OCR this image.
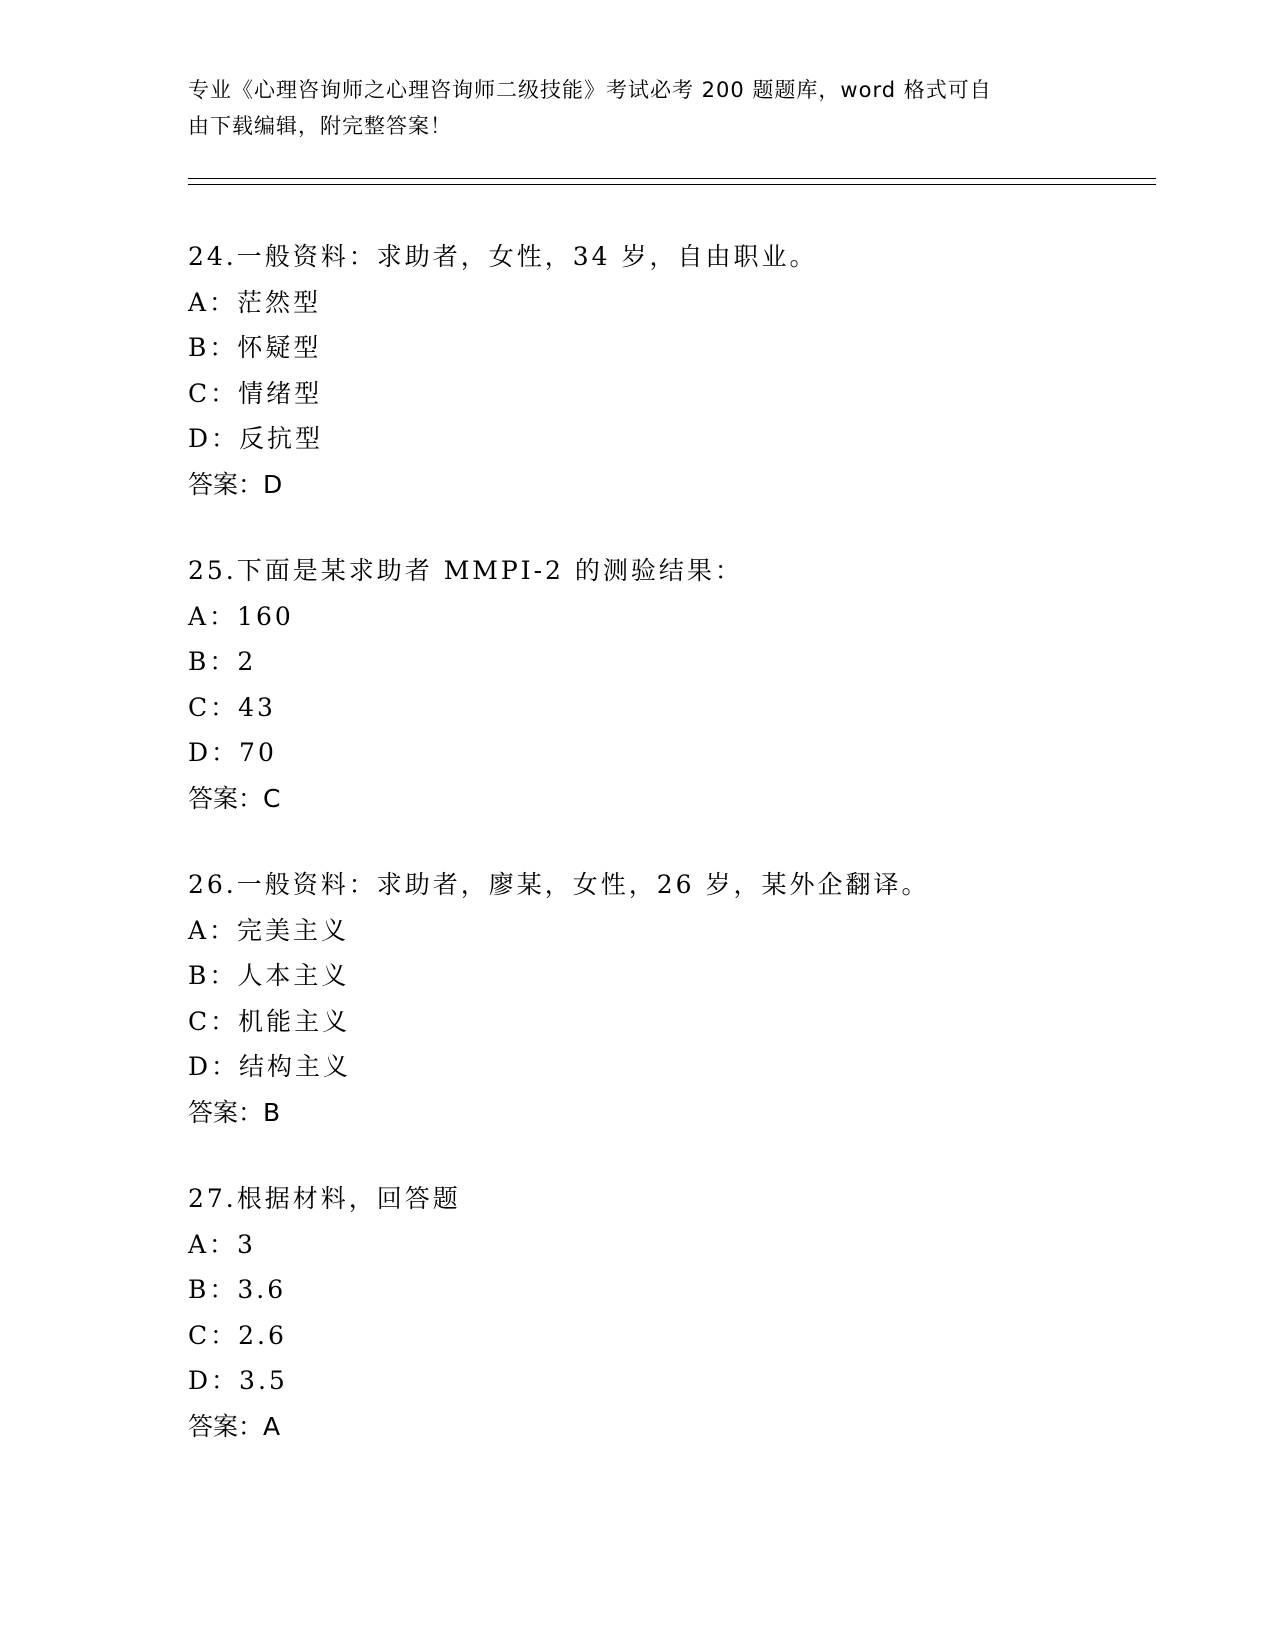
专业《心理咨询师之心理咨询师二级技能》考试必考 200 题题库，word 格式可自
由下载编辑，附完整答案！
24.一般资料：求助者，女性，34 岁，自由职业。
A：茫然型
B：怀疑型
C：情绪型
D：反抗型
答案：D
25.下面是某求助者 MMPI-2 的测验结果：
A：160
B：2
C：43
D：70
答案：C
26.一般资料：求助者，廖某，女性，26 岁，某外企翻译。
A：完美主义
B：人本主义
C：机能主义
D：结构主义
答案：B
27.根据材料，回答题
A：3
B：3.6
C：2.6
D：3.5
答案：A
